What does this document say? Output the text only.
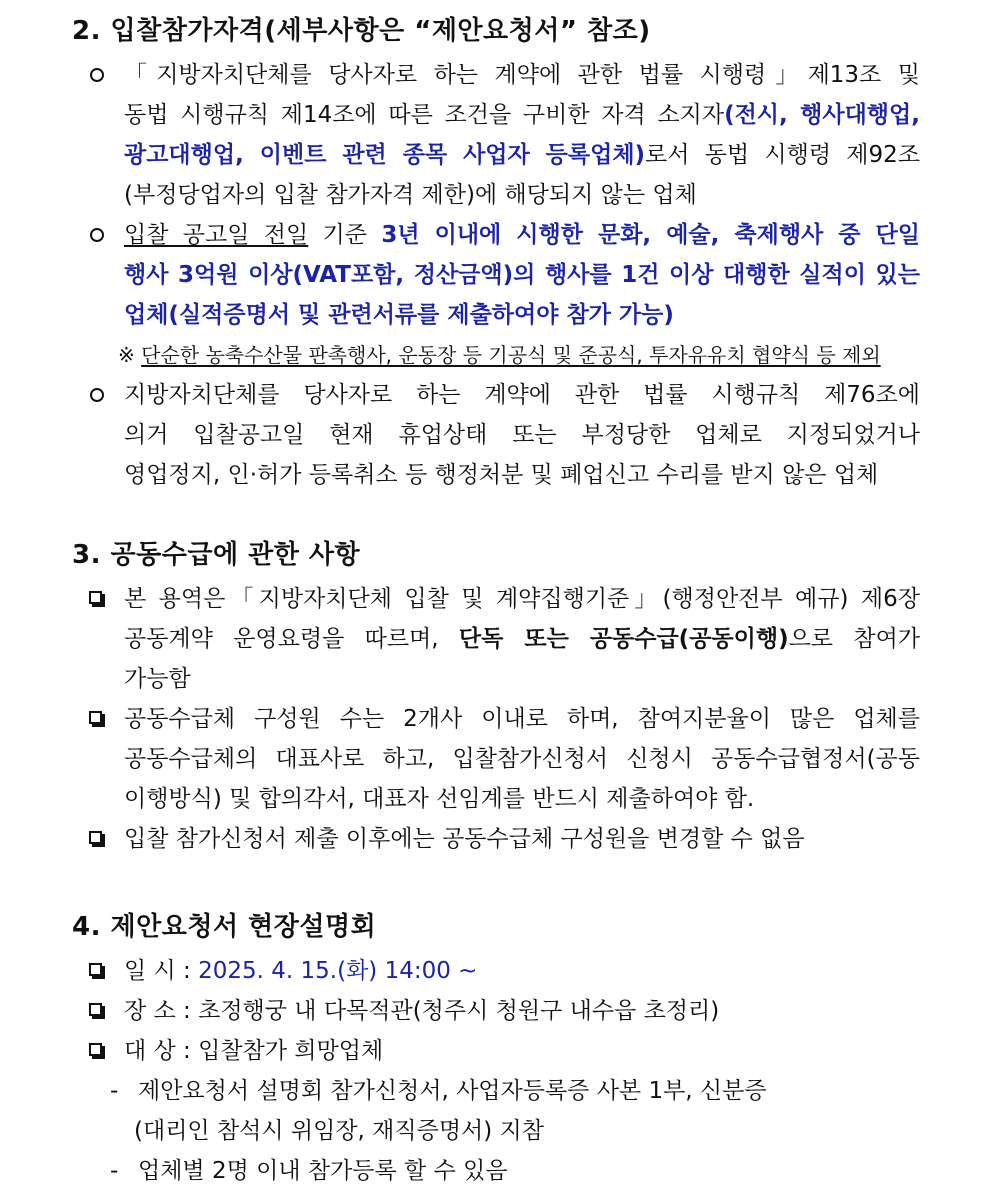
2. 입찰참가자격(세부사항은 “제안요청서” 참조)
「지방자치단체를 당사자로 하는 계약에 관한 법률 시행령」제13조 및
동법 시행규칙 제14조에 따른 조건을 구비한 자격 소지자(전시, 행사대행업,
광고대행업, 이벤트 관련 종목 사업자 등록업체)로서 동법 시행령 제92조
(부정당업자의 입찰 참가자격 제한)에 해당되지 않는 업체
입찰 공고일 전일 기준 3년 이내에 시행한 문화, 예술, 축제행사 중 단일
행사 3억원 이상(VAT포함, 정산금액)의 행사를 1건 이상 대행한 실적이 있는
업체(실적증명서 및 관련서류를 제출하여야 참가 가능)
※ 단순한 농축수산물 판촉행사, 운동장 등 기공식 및 준공식, 투자유유치 협약식 등 제외
지방자치단체를 당사자로 하는 계약에 관한 법률 시행규칙 제76조에
의거 입찰공고일 현재 휴업상태 또는 부정당한 업체로 지정되었거나
영업정지, 인·허가 등록취소 등 행정처분 및 폐업신고 수리를 받지 않은 업체
3. 공동수급에 관한 사항
본 용역은「지방자치단체 입찰 및 계약집행기준」(행정안전부 예규) 제6장
공동계약 운영요령을 따르며, 단독 또는 공동수급(공동이행)으로 참여가
가능함
공동수급체 구성원 수는 2개사 이내로 하며, 참여지분율이 많은 업체를
공동수급체의 대표사로 하고, 입찰참가신청서 신청시 공동수급협정서(공동
이행방식) 및 합의각서, 대표자 선임계를 반드시 제출하여야 함.
입찰 참가신청서 제출 이후에는 공동수급체 구성원을 변경할 수 없음
4. 제안요청서 현장설명회
일 시 : 2025. 4. 15.(화) 14:00 ~
장 소 : 초정행궁 내 다목적관(청주시 청원구 내수읍 초정리)
대 상 : 입찰참가 희망업체
- 제안요청서 설명회 참가신청서, 사업자등록증 사본 1부, 신분증
(대리인 참석시 위임장, 재직증명서) 지참
- 업체별 2명 이내 참가등록 할 수 있음
